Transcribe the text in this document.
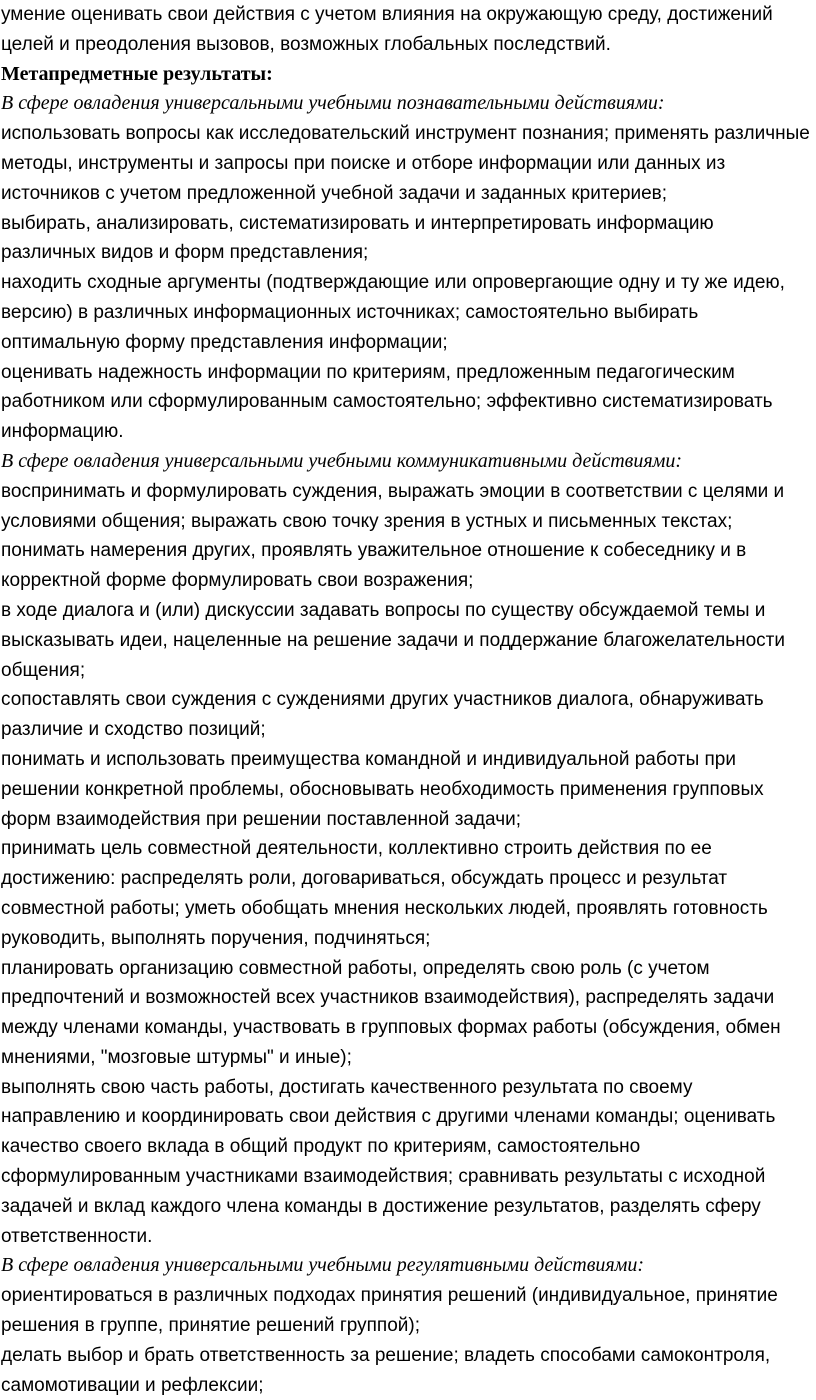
умение оценивать свои действия с учетом влияния на окружающую среду, достижений целей и преодоления вызовов, возможных глобальных последствий.

Метапредметные результаты:

В сфере овладения универсальными учебными познавательными действиями:

использовать вопросы как исследовательский инструмент познания; применять различные методы, инструменты и запросы при поиске и отборе информации или данных из источников с учетом предложенной учебной задачи и заданных критериев;

выбирать, анализировать, систематизировать и интерпретировать информацию различных видов и форм представления;

находить сходные аргументы (подтверждающие или опровергающие одну и ту же идею, версию) в различных информационных источниках; самостоятельно выбирать оптимальную форму представления информации;

оценивать надежность информации по критериям, предложенным педагогическим работником или сформулированным самостоятельно; эффективно систематизировать информацию.

В сфере овладения универсальными учебными коммуникативными действиями:

воспринимать и формулировать суждения, выражать эмоции в соответствии с целями и условиями общения; выражать свою точку зрения в устных и письменных текстах;

понимать намерения других, проявлять уважительное отношение к собеседнику и в корректной форме формулировать свои возражения;

в ходе диалога и (или) дискуссии задавать вопросы по существу обсуждаемой темы и высказывать идеи, нацеленные на решение задачи и поддержание благожелательности общения;

сопоставлять свои суждения с суждениями других участников диалога, обнаруживать различие и сходство позиций;

понимать и использовать преимущества командной и индивидуальной работы при решении конкретной проблемы, обосновывать необходимость применения групповых форм взаимодействия при решении поставленной задачи;

принимать цель совместной деятельности, коллективно строить действия по ее достижению: распределять роли, договариваться, обсуждать процесс и результат совместной работы; уметь обобщать мнения нескольких людей, проявлять готовность руководить, выполнять поручения, подчиняться;

планировать организацию совместной работы, определять свою роль (с учетом предпочтений и возможностей всех участников взаимодействия), распределять задачи между членами команды, участвовать в групповых формах работы (обсуждения, обмен мнениями, "мозговые штурмы" и иные);

выполнять свою часть работы, достигать качественного результата по своему направлению и координировать свои действия с другими членами команды; оценивать качество своего вклада в общий продукт по критериям, самостоятельно сформулированным участниками взаимодействия; сравнивать результаты с исходной задачей и вклад каждого члена команды в достижение результатов, разделять сферу ответственности.

В сфере овладения универсальными учебными регулятивными действиями:

ориентироваться в различных подходах принятия решений (индивидуальное, принятие решения в группе, принятие решений группой);

делать выбор и брать ответственность за решение; владеть способами самоконтроля, самомотивации и рефлексии;
